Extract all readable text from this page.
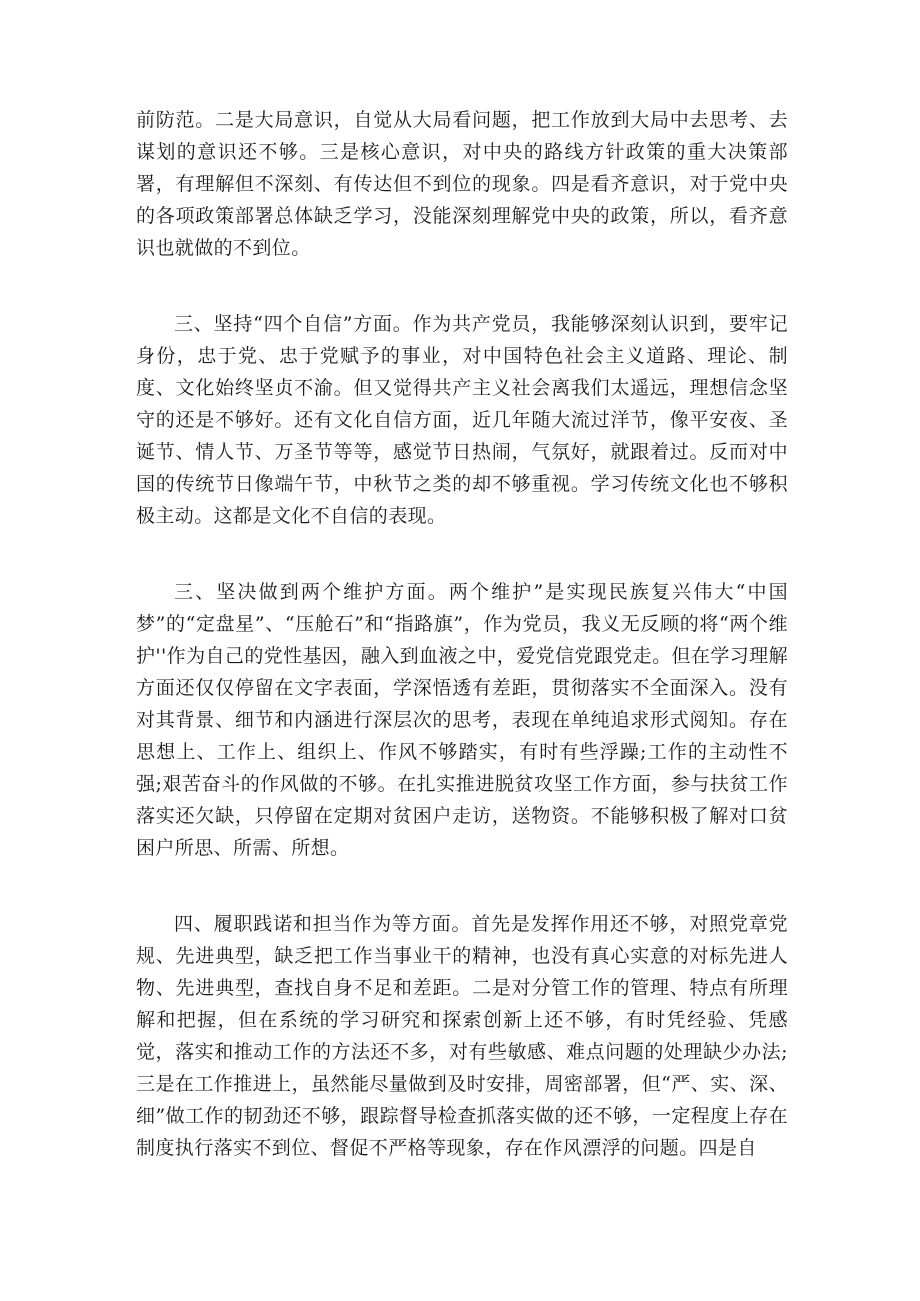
前防范。二是大局意识，自觉从大局看问题，把工作放到大局中去思考、去谋划的意识还不够。三是核心意识，对中央的路线方针政策的重大决策部署，有理解但不深刻、有传达但不到位的现象。四是看齐意识，对于党中央的各项政策部署总体缺乏学习，没能深刻理解党中央的政策，所以，看齐意识也就做的不到位。

三、坚持“四个自信”方面。作为共产党员，我能够深刻认识到，要牢记身份，忠于党、忠于党赋予的事业，对中国特色社会主义道路、理论、制度、文化始终坚贞不渝。但又觉得共产主义社会离我们太遥远，理想信念坚守的还是不够好。还有文化自信方面，近几年随大流过洋节，像平安夜、圣诞节、情人节、万圣节等等，感觉节日热闹，气氛好，就跟着过。反而对中国的传统节日像端午节，中秋节之类的却不够重视。学习传统文化也不够积极主动。这都是文化不自信的表现。

三、坚决做到两个维护方面。两个维护”是实现民族复兴伟大“中国梦”的“定盘星”、“压舱石”和“指路旗”，作为党员，我义无反顾的将“两个维护''作为自己的党性基因，融入到血液之中，爱党信党跟党走。但在学习理解方面还仅仅停留在文字表面，学深悟透有差距，贯彻落实不全面深入。没有对其背景、细节和内涵进行深层次的思考，表现在单纯追求形式阅知。存在思想上、工作上、组织上、作风不够踏实，有时有些浮躁;工作的主动性不强;艰苦奋斗的作风做的不够。在扎实推进脱贫攻坚工作方面，参与扶贫工作落实还欠缺，只停留在定期对贫困户走访，送物资。不能够积极了解对口贫困户所思、所需、所想。

四、履职践诺和担当作为等方面。首先是发挥作用还不够，对照党章党规、先进典型，缺乏把工作当事业干的精神，也没有真心实意的对标先进人物、先进典型，查找自身不足和差距。二是对分管工作的管理、特点有所理解和把握，但在系统的学习研究和探索创新上还不够，有时凭经验、凭感觉，落实和推动工作的方法还不多，对有些敏感、难点问题的处理缺少办法;三是在工作推进上，虽然能尽量做到及时安排，周密部署，但“严、实、深、细”做工作的韧劲还不够，跟踪督导检查抓落实做的还不够，一定程度上存在制度执行落实不到位、督促不严格等现象，存在作风漂浮的问题。四是自
